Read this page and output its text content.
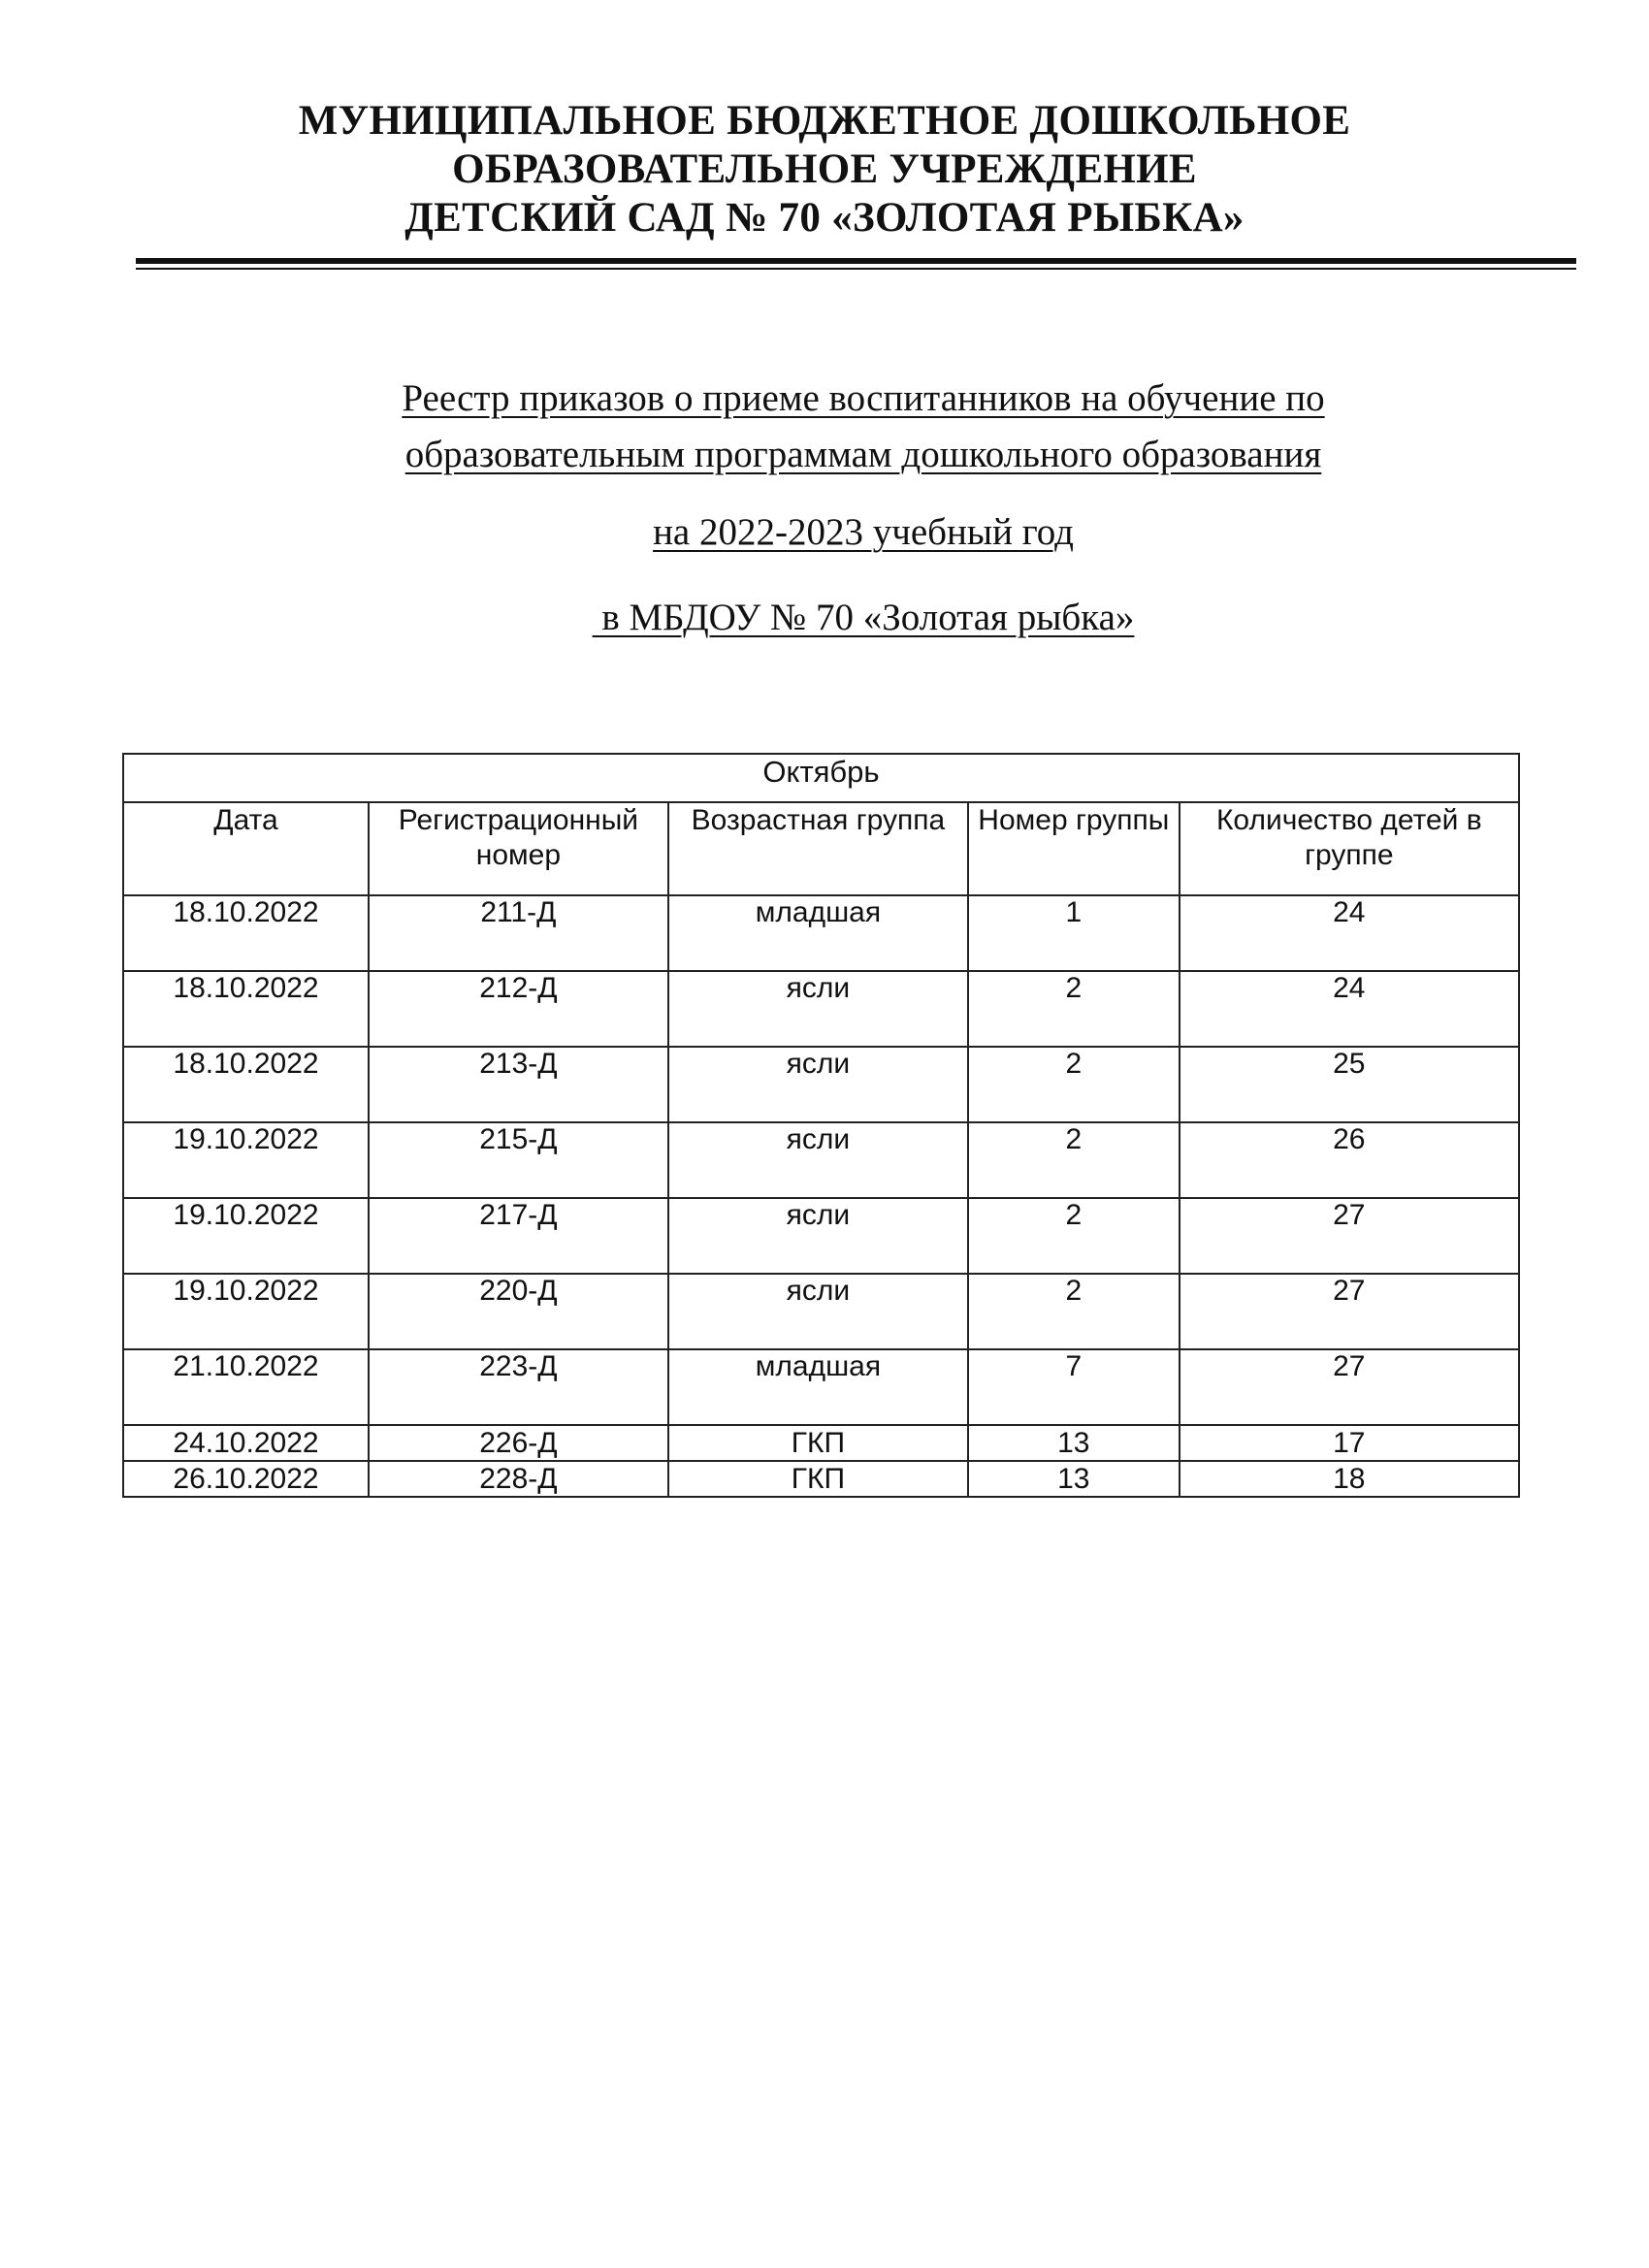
МУНИЦИПАЛЬНОЕ БЮДЖЕТНОЕ ДОШКОЛЬНОЕ
ОБРАЗОВАТЕЛЬНОЕ УЧРЕЖДЕНИЕ
ДЕТСКИЙ САД № 70 «ЗОЛОТАЯ РЫБКА»
Реестр приказов о приеме воспитанников на обучение по
образовательным программам дошкольного образования
на 2022-2023 учебный год
в МБДОУ № 70 «Золотая рыбка»
Октябрь				
Дата	Регистрационный номер	Возрастная группа	Номер группы	Количество детей в группе
18.10.2022	211-Д	младшая	1	24
18.10.2022	212-Д	ясли	2	24
18.10.2022	213-Д	ясли	2	25
19.10.2022	215-Д	ясли	2	26
19.10.2022	217-Д	ясли	2	27
19.10.2022	220-Д	ясли	2	27
21.10.2022	223-Д	младшая	7	27
24.10.2022	226-Д	ГКП	13	17
26.10.2022	228-Д	ГКП	13	18
